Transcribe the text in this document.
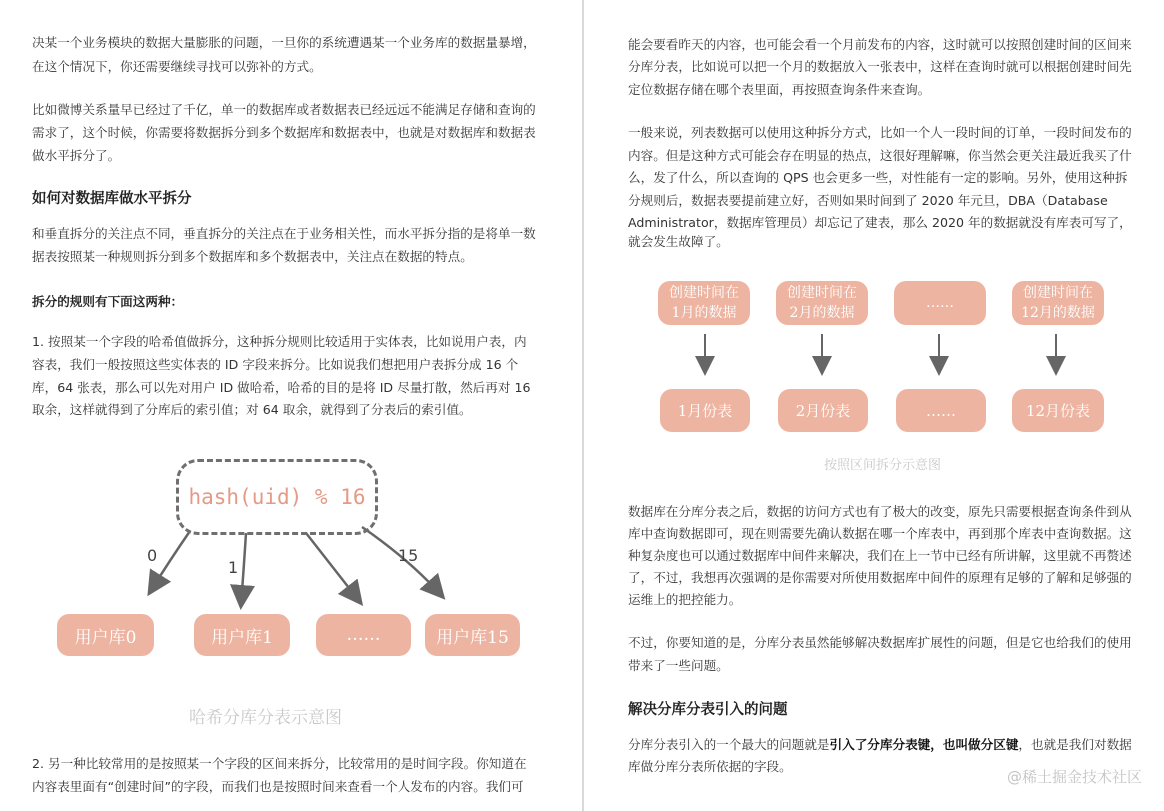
决某一个业务模块的数据大量膨胀的问题，一旦你的系统遭遇某一个业务库的数据量暴增，
在这个情况下，你还需要继续寻找可以弥补的方式。
比如微博关系量早已经过了千亿，单一的数据库或者数据表已经远远不能满足存储和查询的
需求了，这个时候，你需要将数据拆分到多个数据库和数据表中，也就是对数据库和数据表
做水平拆分了。
如何对数据库做水平拆分
和垂直拆分的关注点不同，垂直拆分的关注点在于业务相关性，而水平拆分指的是将单一数
据表按照某一种规则拆分到多个数据库和多个数据表中，关注点在数据的特点。
拆分的规则有下面这两种：
1. 按照某一个字段的哈希值做拆分，这种拆分规则比较适用于实体表，比如说用户表，内
容表，我们一般按照这些实体表的 ID 字段来拆分。比如说我们想把用户表拆分成 16 个
库，64 张表，那么可以先对用户 ID 做哈希，哈希的目的是将 ID 尽量打散，然后再对 16
取余，这样就得到了分库后的索引值；对 64 取余，就得到了分表后的索引值。
hash(uid) % 16
0
1
15
用户库0	用户库1	……	用户库15
哈希分库分表示意图
2. 另一种比较常用的是按照某一个字段的区间来拆分，比较常用的是时间字段。你知道在
内容表里面有“创建时间”的字段，而我们也是按照时间来查看一个人发布的内容。我们可
能会要看昨天的内容，也可能会看一个月前发布的内容，这时就可以按照创建时间的区间来
分库分表，比如说可以把一个月的数据放入一张表中，这样在查询时就可以根据创建时间先
定位数据存储在哪个表里面，再按照查询条件来查询。
一般来说，列表数据可以使用这种拆分方式，比如一个人一段时间的订单，一段时间发布的
内容。但是这种方式可能会存在明显的热点，这很好理解嘛，你当然会更关注最近我买了什
么，发了什么，所以查询的 QPS 也会更多一些，对性能有一定的影响。另外，使用这种拆
分规则后，数据表要提前建立好，否则如果时间到了 2020 年元旦，DBA（Database
Administrator，数据库管理员）却忘记了建表，那么 2020 年的数据就没有库表可写了，
就会发生故障了。
创建时间在
1月的数据
创建时间在
2月的数据
……
创建时间在
12月的数据
1月份表	2月份表	……	12月份表
按照区间拆分示意图
数据库在分库分表之后，数据的访问方式也有了极大的改变，原先只需要根据查询条件到从
库中查询数据即可，现在则需要先确认数据在哪一个库表中，再到那个库表中查询数据。这
种复杂度也可以通过数据库中间件来解决，我们在上一节中已经有所讲解，这里就不再赘述
了，不过，我想再次强调的是你需要对所使用数据库中间件的原理有足够的了解和足够强的
运维上的把控能力。
不过，你要知道的是，分库分表虽然能够解决数据库扩展性的问题，但是它也给我们的使用
带来了一些问题。
解决分库分表引入的问题
分库分表引入的一个最大的问题就是引入了分库分表键，也叫做分区键，也就是我们对数据
库做分库分表所依据的字段。
@稀土掘金技术社区
